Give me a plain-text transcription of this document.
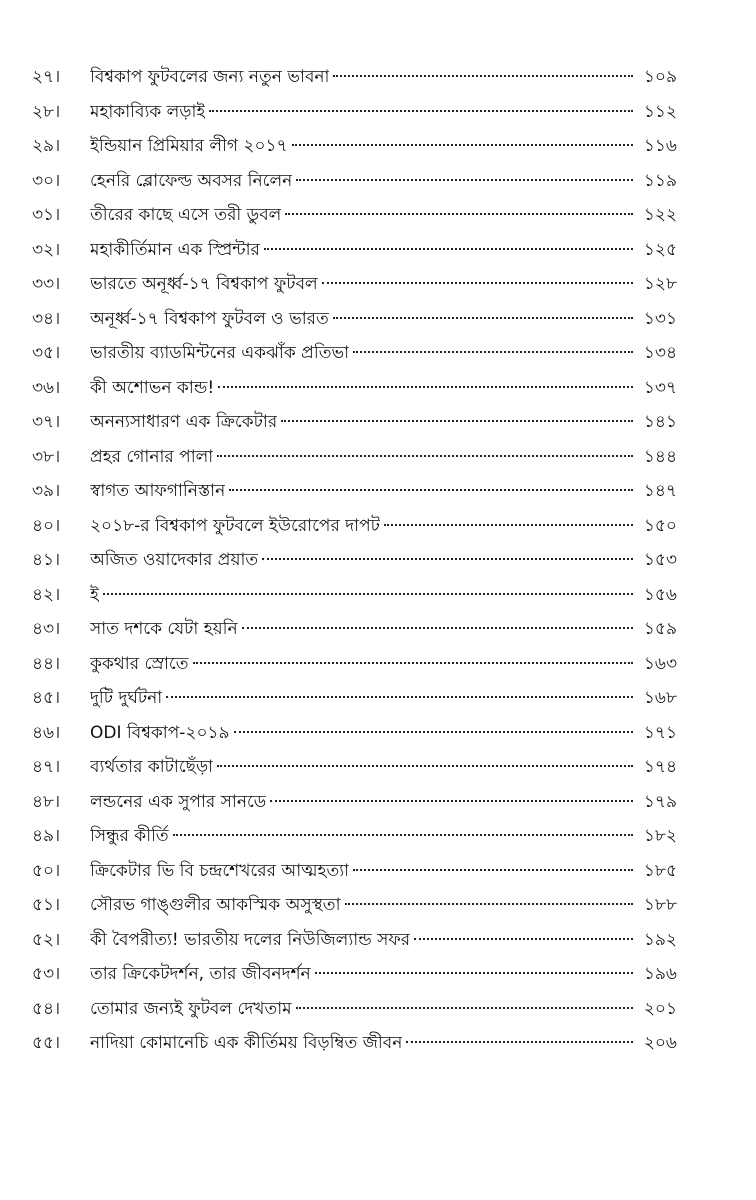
২৭।	বিশ্বকাপ ফুটবলের জন্য নতুন ভাবনা	১০৯
২৮।	মহাকাব্যিক লড়াই	১১২
২৯।	ইন্ডিয়ান প্রিমিয়ার লীগ ২০১৭	১১৬
৩০।	হেনরি ব্লোফেল্ড অবসর নিলেন	১১৯
৩১।	তীরের কাছে এসে তরী ডুবল	১২২
৩২।	মহাকীর্তিমান এক স্প্রিন্টার	১২৫
৩৩।	ভারতে অনূর্ধ্ব-১৭ বিশ্বকাপ ফুটবল	১২৮
৩৪।	অনূর্ধ্ব-১৭ বিশ্বকাপ ফুটবল ও ভারত	১৩১
৩৫।	ভারতীয় ব্যাডমিন্টনের একঝাঁক প্রতিভা	১৩৪
৩৬।	কী অশোভন কান্ড!	১৩৭
৩৭।	অনন্যসাধারণ এক ক্রিকেটার	১৪১
৩৮।	প্রহর গোনার পালা	১৪৪
৩৯।	স্বাগত আফগানিস্তান	১৪৭
৪০।	২০১৮-র বিশ্বকাপ ফুটবলে ইউরোপের দাপট	১৫০
৪১।	অজিত ওয়াদেকার প্রয়াত	১৫৩
৪২।	ই	১৫৬
৪৩।	সাত দশকে যেটা হয়নি	১৫৯
৪৪।	কুকথার স্রোতে	১৬৩
৪৫।	দুটি দুর্ঘটনা	১৬৮
৪৬।	ODI বিশ্বকাপ-২০১৯	১৭১
৪৭।	ব্যর্থতার কাটাছেঁড়া	১৭৪
৪৮।	লন্ডনের এক সুপার সানডে	১৭৯
৪৯।	সিন্ধুর কীর্তি	১৮২
৫০।	ক্রিকেটার ভি বি চন্দ্রশেখরের আত্মহত্যা	১৮৫
৫১।	সৌরভ গাঙ্গুলীর আকস্মিক অসুস্থতা	১৮৮
৫২।	কী বৈপরীত্য! ভারতীয় দলের নিউজিল্যান্ড সফর	১৯২
৫৩।	তার ক্রিকেটদর্শন, তার জীবনদর্শন	১৯৬
৫৪।	তোমার জন্যই ফুটবল দেখতাম	২০১
৫৫।	নাদিয়া কোমানেচি এক কীর্তিময় বিড়ম্বিত জীবন	২০৬
